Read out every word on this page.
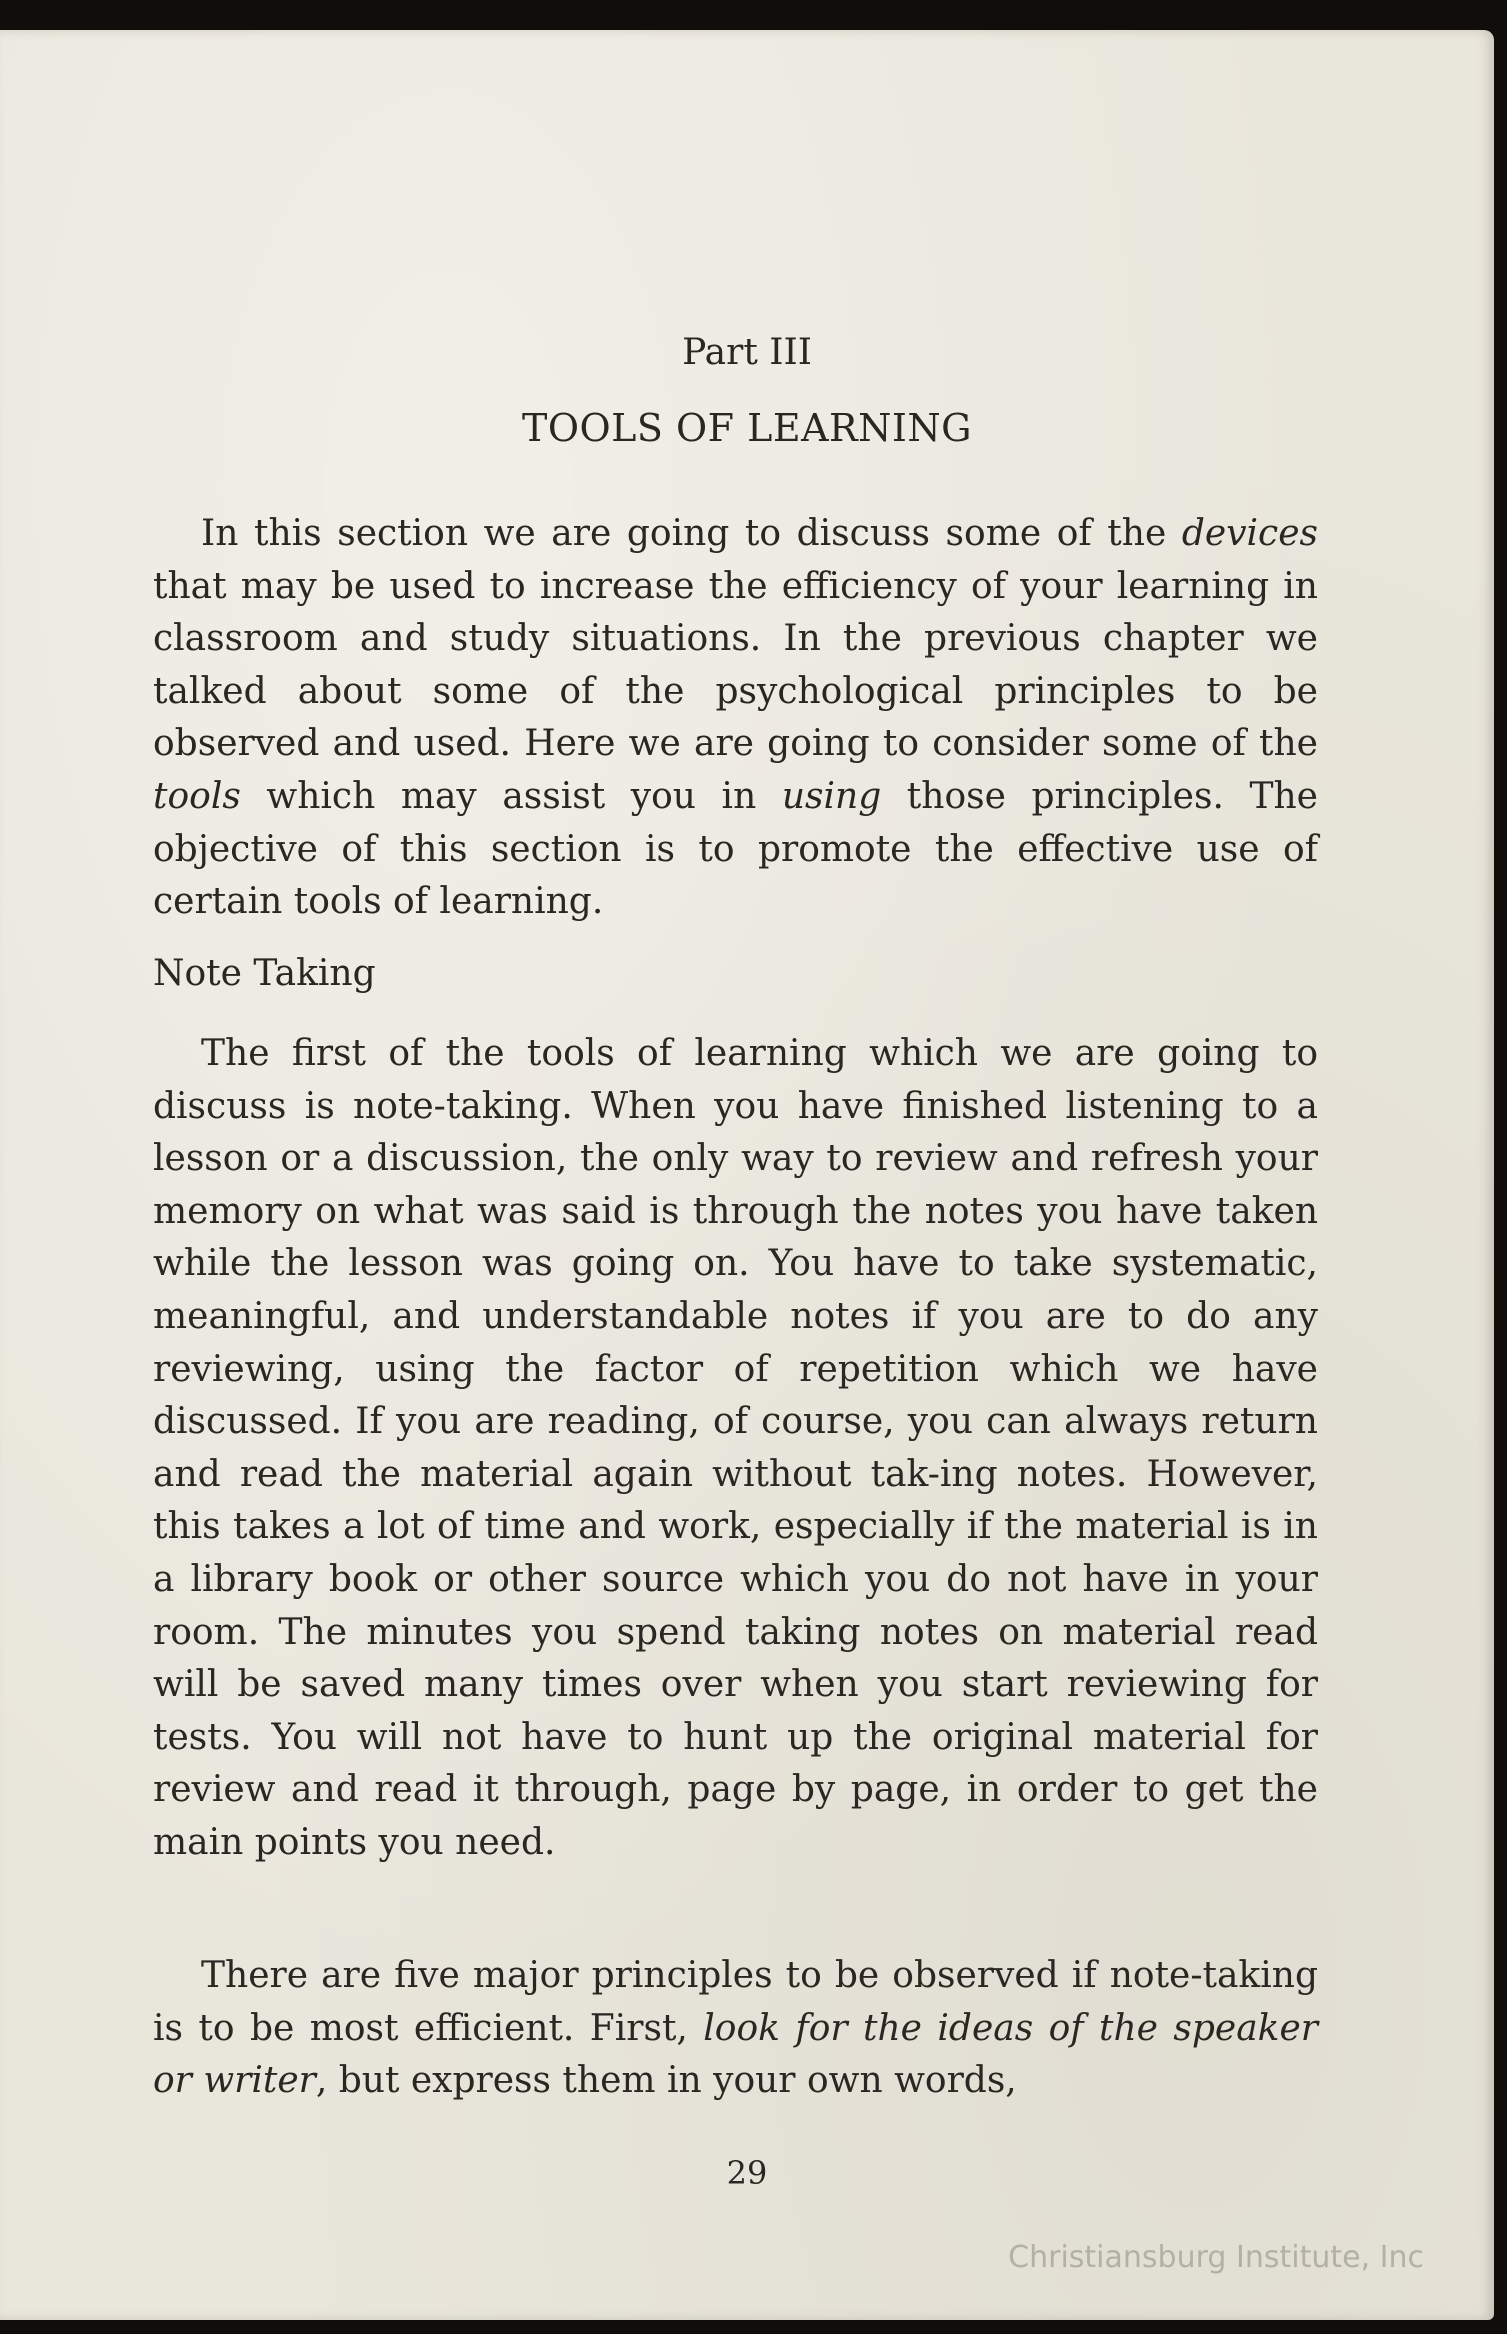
Part III
TOOLS OF LEARNING

In this section we are going to discuss some of the devices that may be used to increase the efficiency of your learning in classroom and study situations. In the previous chapter we talked about some of the psychological principles to be observed and used. Here we are going to consider some of the tools which may assist you in using those principles. The objective of this section is to promote the effective use of certain tools of learning.

Note Taking

The first of the tools of learning which we are going to discuss is note-taking. When you have finished listening to a lesson or a discussion, the only way to review and refresh your memory on what was said is through the notes you have taken while the lesson was going on. You have to take systematic, meaningful, and understandable notes if you are to do any reviewing, using the factor of repetition which we have discussed. If you are reading, of course, you can always return and read the material again without tak-ing notes. However, this takes a lot of time and work, especially if the material is in a library book or other source which you do not have in your room. The minutes you spend taking notes on material read will be saved many times over when you start reviewing for tests. You will not have to hunt up the original material for review and read it through, page by page, in order to get the main points you need.

There are five major principles to be observed if note-taking is to be most efficient. First, look for the ideas of the speaker or writer, but express them in your own words,

29
Christiansburg Institute, Inc
